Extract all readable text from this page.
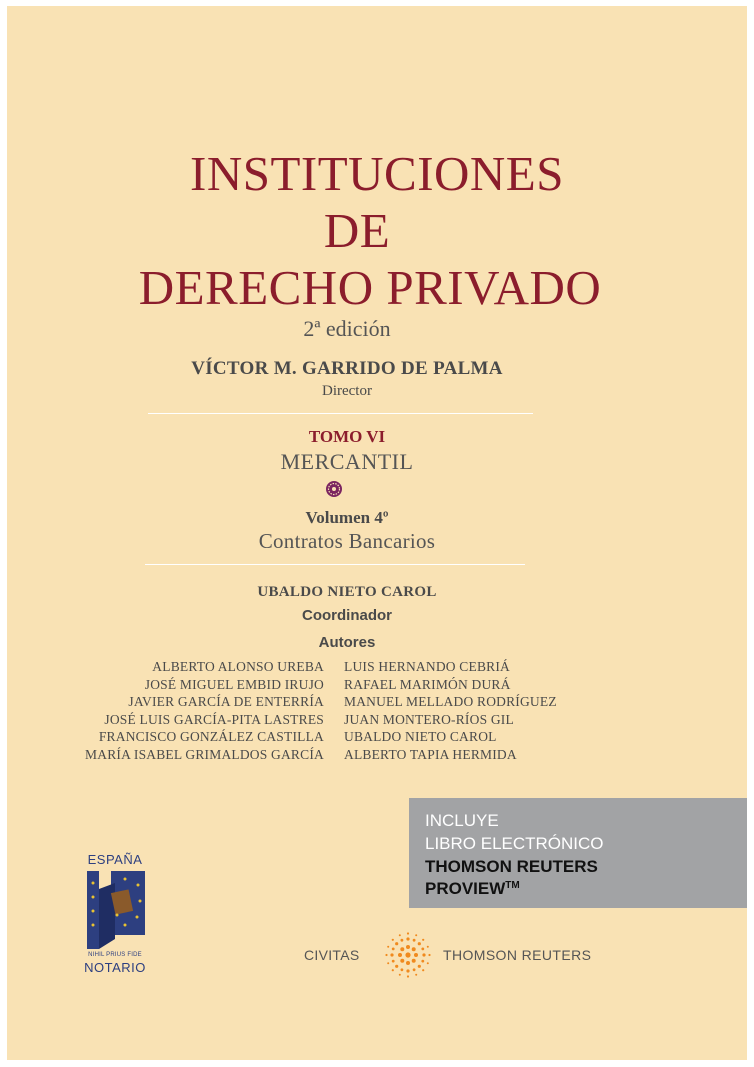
INSTITUCIONES
DE
DERECHO PRIVADO
2ª edición
VÍCTOR M. GARRIDO DE PALMA
Director
TOMO VI
MERCANTIL
Volumen 4º
Contratos Bancarios
UBALDO NIETO CAROL
Coordinador
Autores
ALBERTO ALONSO UREBA
JOSÉ MIGUEL EMBID IRUJO
JAVIER GARCÍA DE ENTERRÍA
JOSÉ LUIS GARCÍA-PITA LASTRES
FRANCISCO GONZÁLEZ CASTILLA
MARÍA ISABEL GRIMALDOS GARCÍA
LUIS HERNANDO CEBRIÁ
RAFAEL MARIMÓN DURÁ
MANUEL MELLADO RODRÍGUEZ
JUAN MONTERO-RÍOS GIL
UBALDO NIETO CAROL
ALBERTO TAPIA HERMIDA
INCLUYE
LIBRO ELECTRÓNICO
THOMSON REUTERS
PROVIEW™
ESPAÑA
NIHIL PRIUS FIDE
NOTARIO
CIVITAS	THOMSON REUTERS
